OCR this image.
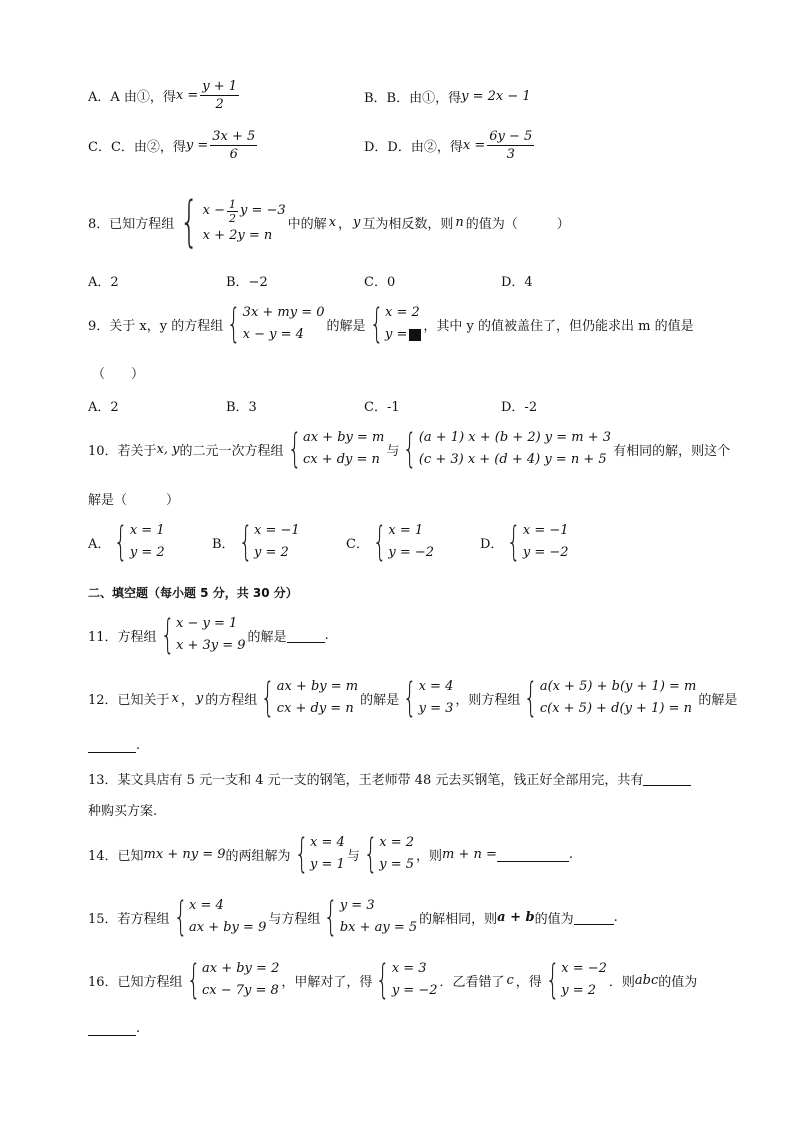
A．A 由①，得 $x = \frac{y + 1}{2}$	B．B．由①，得 y = 2x − 1
C．C．由②，得 $y = \frac{3x + 5}{6}$	D．D．由②，得 $x = \frac{6y - 5}{3}$
8．已知方程组 { $x - \frac{1}{2}$ y = −3
x + 2y = n
中的解 x ， y 互为相反数，则 n 的值为（　　　）
A．2	B．−2	C．0	D．4
9．关于 x，y 的方程组 { 3x + my = 0
x − y = 4
的解是 { x = 2
y =
，其中 y 的值被盖住了，但仍能求出 m 的值是
（　　）
A．2	B．3	C．-1	D．-2
10．若关于 x, y 的二元一次方程组 { ax + by = m
cx + dy = n
与 { (a + 1) x + (b + 2) y = m + 3
(c + 3) x + (d + 4) y = n + 5
有相同的解，则这个
解是（　　　）
A． { x = 1
y = 2
B． { x = −1
y = 2
C． { x = 1
y = −2
D． { x = −1
y = −2
二、填空题（每小题 5 分，共 30 分）
11．方程组 { x − y = 1
x + 3y = 9
的解是	.
12．已知关于 x ， y 的方程组 { ax + by = m
cx + dy = n
的解是 { x = 4
y = 3
，则方程组 { a(x + 5) + b(y + 1) = m
c(x + 5) + d(y + 1) = n
的解是
.
13．某文具店有 5 元一支和 4 元一支的钢笔，王老师带 48 元去买钢笔，钱正好全部用完，共有
种购买方案.
14．已知 mx + ny = 9 的两组解为 { x = 4
y = 1
与 { x = 2
y = 5
，则 m + n =	.
15．若方程组 { x = 4
ax + by = 9
与方程组 { y = 3
bx + ay = 5
的解相同，则 a + b 的值为	.
16．已知方程组 { ax + by = 2
cx − 7y = 8
，甲解对了，得 { x = 3
y = −2
．乙看错了 c ，得 { x = −2
y = 2
．则 abc 的值为
.
